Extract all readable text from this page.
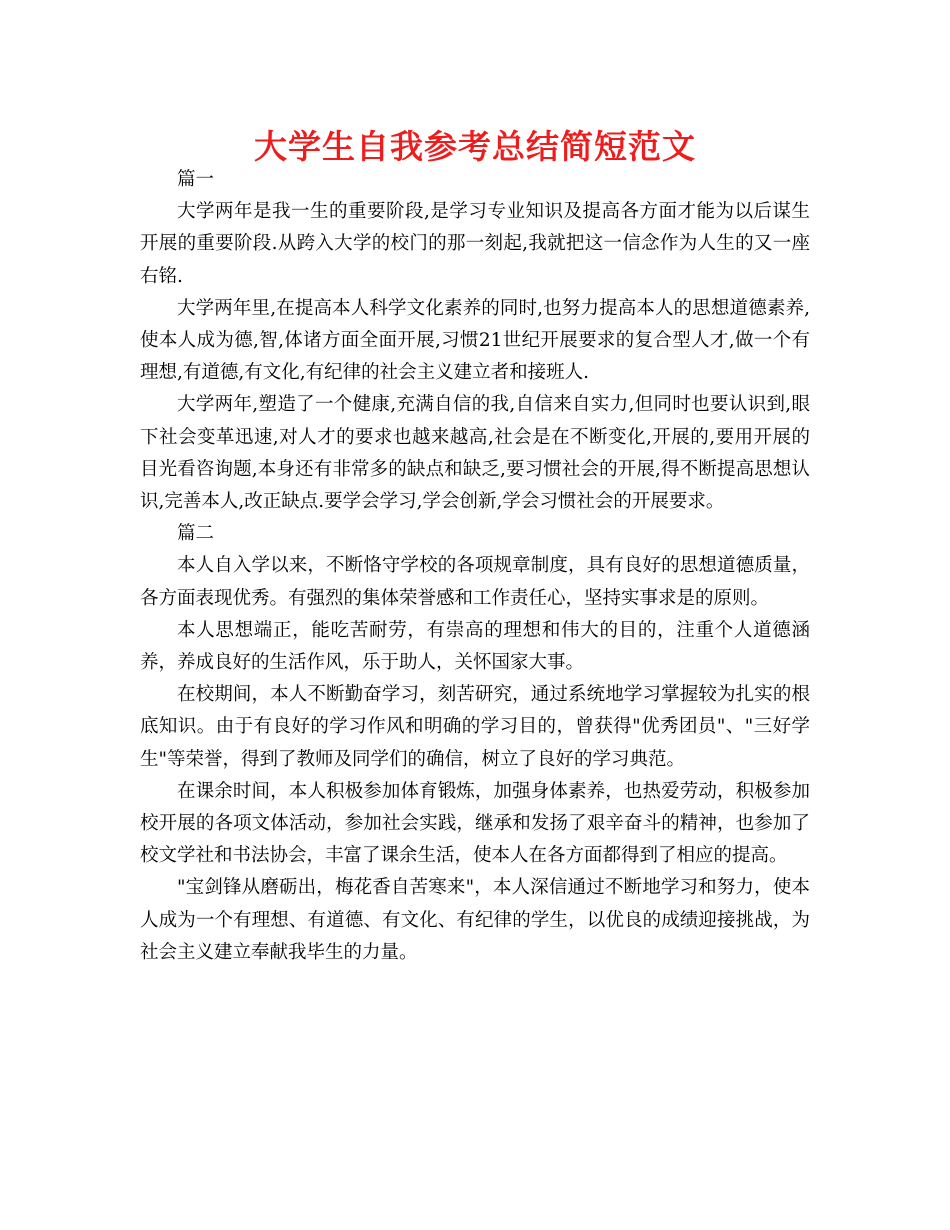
大学生自我参考总结简短范文

篇一

大学两年是我一生的重要阶段,是学习专业知识及提高各方面才能为以后谋生开展的重要阶段.从跨入大学的校门的那一刻起,我就把这一信念作为人生的又一座右铭.

大学两年里,在提高本人科学文化素养的同时,也努力提高本人的思想道德素养,使本人成为德,智,体诸方面全面开展,习惯21世纪开展要求的复合型人才,做一个有理想,有道德,有文化,有纪律的社会主义建立者和接班人.

大学两年,塑造了一个健康,充满自信的我,自信来自实力,但同时也要认识到,眼下社会变革迅速,对人才的要求也越来越高,社会是在不断变化,开展的,要用开展的目光看咨询题,本身还有非常多的缺点和缺乏,要习惯社会的开展,得不断提高思想认识,完善本人,改正缺点.要学会学习,学会创新,学会习惯社会的开展要求。

篇二

本人自入学以来，不断恪守学校的各项规章制度，具有良好的思想道德质量，各方面表现优秀。有强烈的集体荣誉感和工作责任心，坚持实事求是的原则。

本人思想端正，能吃苦耐劳，有崇高的理想和伟大的目的，注重个人道德涵养，养成良好的生活作风，乐于助人，关怀国家大事。

在校期间，本人不断勤奋学习，刻苦研究，通过系统地学习掌握较为扎实的根底知识。由于有良好的学习作风和明确的学习目的，曾获得"优秀团员"、"三好学生"等荣誉，得到了教师及同学们的确信，树立了良好的学习典范。

在课余时间，本人积极参加体育锻炼，加强身体素养，也热爱劳动，积极参加校开展的各项文体活动，参加社会实践，继承和发扬了艰辛奋斗的精神，也参加了校文学社和书法协会，丰富了课余生活，使本人在各方面都得到了相应的提高。

"宝剑锋从磨砺出，梅花香自苦寒来"，本人深信通过不断地学习和努力，使本人成为一个有理想、有道德、有文化、有纪律的学生，以优良的成绩迎接挑战，为社会主义建立奉献我毕生的力量。
